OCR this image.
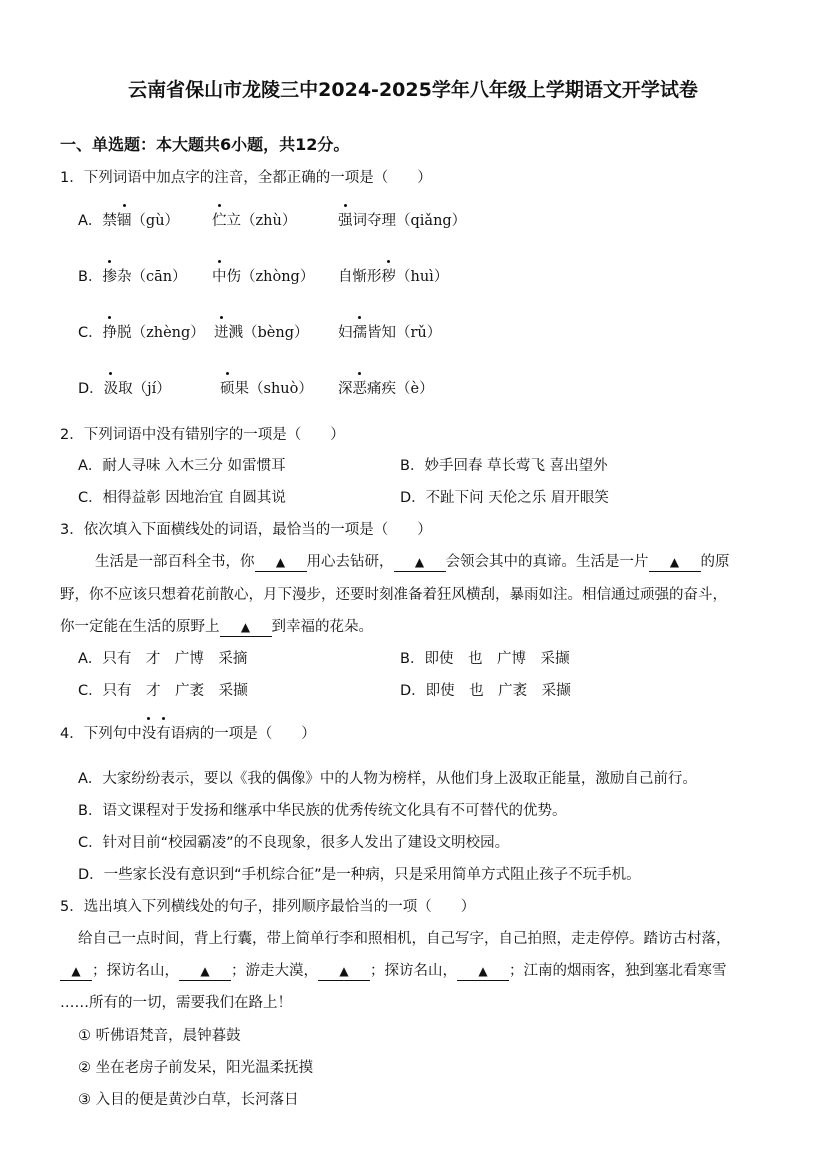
云南省保山市龙陵三中2024-2025学年八年级上学期语文开学试卷
一、单选题：本大题共6小题，共12分。
1．下列词语中加点字的注音，全都正确的一项是（　　）
A．禁锢（gù） 伫立（zhù）	强词夺理（qiǎng）
B．掺杂（cān） 中伤（zhòng） 自惭形秽（huì）
C．挣脱（zhèng） 迸溅（bèng） 妇孺皆知（rǔ）
D．汲取（jí）	硕果（shuò） 深恶痛疾（è）
2．下列词语中没有错别字的一项是（　　）
A．耐人寻味 入木三分 如雷惯耳	B．妙手回春 草长莺飞 喜出望外
C．相得益彰 因地治宜 自圆其说	D．不趾下问 天伦之乐 眉开眼笑
3．依次填入下面横线处的词语，最恰当的一项是（　　）
生活是一部百科全书，你 ▲ 用心去钻研， ▲ 会领会其中的真谛。生活是一片 ▲ 的原
野，你不应该只想着花前散心，月下漫步，还要时刻准备着狂风横刮，暴雨如注。相信通过顽强的奋斗，
你一定能在生活的原野上 ▲ 到幸福的花朵。
A．只有　才　广博　采摘	B．即使　也　广博　采撷
C．只有　才　广袤　采撷	D．即使　也　广袤　采撷
4．下列句中没有语病的一项是（　　）
A．大家纷纷表示，要以《我的偶像》中的人物为榜样，从他们身上汲取正能量，激励自己前行。
B．语文课程对于发扬和继承中华民族的优秀传统文化具有不可替代的优势。
C．针对目前“校园霸凌”的不良现象，很多人发出了建设文明校园。
D．一些家长没有意识到“手机综合征”是一种病，只是采用简单方式阻止孩子不玩手机。
5．选出填入下列横线处的句子，排列顺序最恰当的一项（　　）
给自己一点时间，背上行囊，带上简单行李和照相机，自己写字，自己拍照，走走停停。踏访古村落，
▲ ；探访名山， ▲ ；游走大漠， ▲ ；探访名山， ▲ ；江南的烟雨客，独到塞北看寒雪
……所有的一切，需要我们在路上！
① 听佛语梵音，晨钟暮鼓
② 坐在老房子前发呆，阳光温柔抚摸
③ 入目的便是黄沙白草，长河落日
